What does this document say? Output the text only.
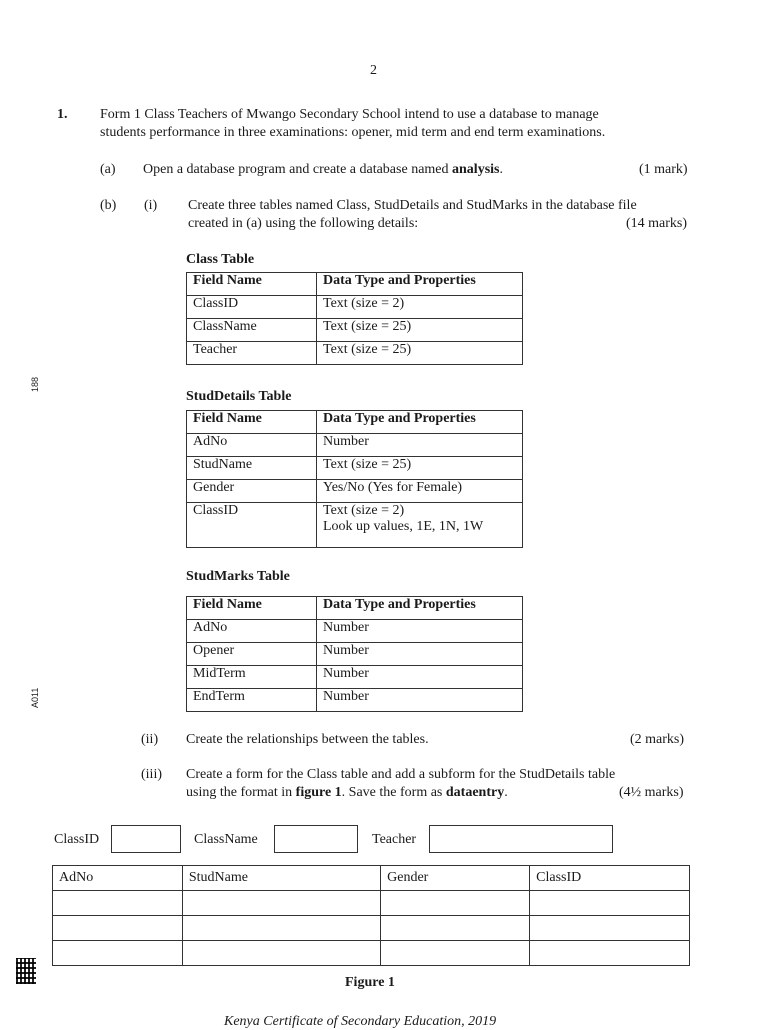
2
188
A011
1. Form 1 Class Teachers of Mwango Secondary School intend to use a database to manage
students performance in three examinations: opener, mid term and end term examinations.
(a) Open a database program and create a database named analysis.	(1 mark)
(b) (i) Create three tables named Class, StudDetails and StudMarks in the database file
created in (a) using the following details:	(14 marks)
Class Table
Field Name	Data Type and Properties
ClassID	Text (size = 2)
ClassName	Text (size = 25)
Teacher	Text (size = 25)
StudDetails Table
Field Name	Data Type and Properties
AdNo	Number
StudName	Text (size = 25)
Gender	Yes/No (Yes for Female)
ClassID	Text (size = 2)
Look up values, 1E, 1N, 1W
StudMarks Table
Field Name	Data Type and Properties
AdNo	Number
Opener	Number
MidTerm	Number
EndTerm	Number
(ii) Create the relationships between the tables.	(2 marks)
(iii) Create a form for the Class table and add a subform for the StudDetails table
using the format in figure 1. Save the form as dataentry.	(4½ marks)
ClassID	ClassName	Teacher
AdNo	StudName	Gender	ClassID

Figure 1
Kenya Certificate of Secondary Education, 2019
